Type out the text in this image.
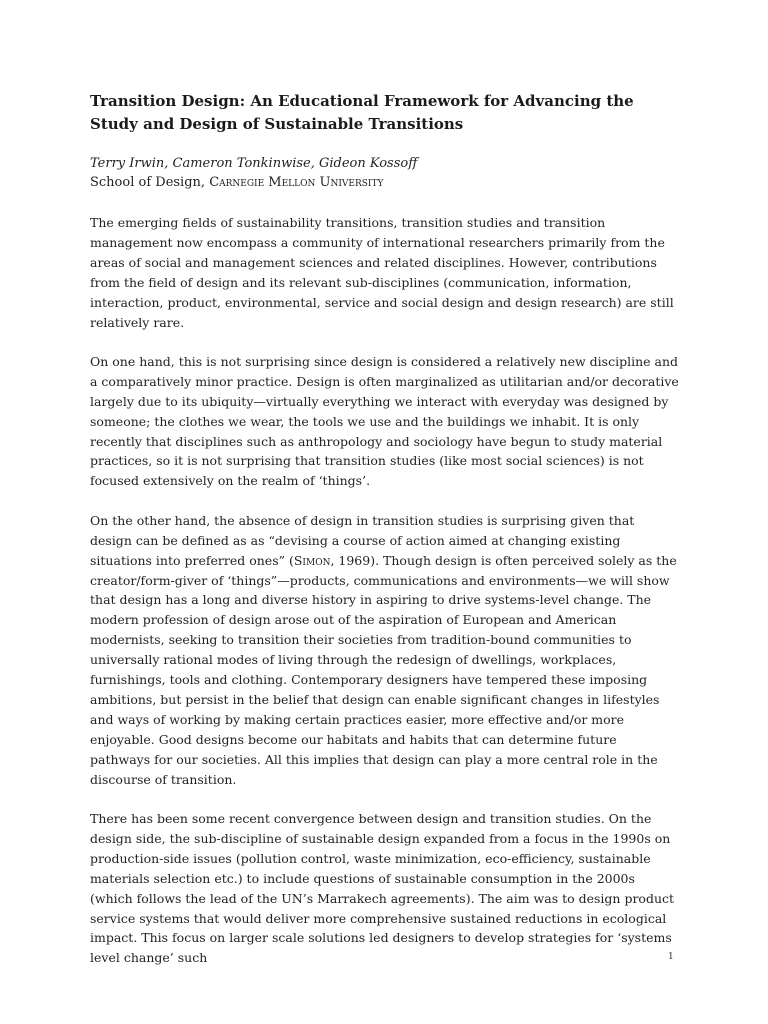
Transition Design: An Educational Framework for Advancing the Study and Design of Sustainable Transitions

Terry Irwin, Cameron Tonkinwise, Gideon Kossoff

School of Design, Carnegie Mellon University

The emerging fields of sustainability transitions, transition studies and transition management now encompass a community of international researchers primarily from the areas of social and management sciences and related disciplines. However, contributions from the field of design and its relevant sub-disciplines (communication, information, interaction, product, environmental, service and social design and design research) are still relatively rare.

On one hand, this is not surprising since design is considered a relatively new discipline and a comparatively minor practice. Design is often marginalized as utilitarian and/or decorative largely due to its ubiquity—virtually everything we interact with everyday was designed by someone; the clothes we wear, the tools we use and the buildings we inhabit. It is only recently that disciplines such as anthropology and sociology have begun to study material practices, so it is not surprising that transition studies (like most social sciences) is not focused extensively on the realm of ‘things’.

On the other hand, the absence of design in transition studies is surprising given that design can be defined as as “devising a course of action aimed at changing existing situations into preferred ones” (Simon, 1969). Though design is often perceived solely as the creator/form-giver of ‘things”—products, communications and environments—we will show that design has a long and diverse history in aspiring to drive systems-level change. The modern profession of design arose out of the aspiration of European and American modernists, seeking to transition their societies from tradition-bound communities to universally rational modes of living through the redesign of dwellings, workplaces, furnishings, tools and clothing. Contemporary designers have tempered these imposing ambitions, but persist in the belief that design can enable significant changes in lifestyles and ways of working by making certain practices easier, more effective and/or more enjoyable. Good designs become our habitats and habits that can determine future pathways for our societies. All this implies that design can play a more central role in the discourse of transition.

There has been some recent convergence between design and transition studies. On the design side, the sub-discipline of sustainable design expanded from a focus in the 1990s on production-side issues (pollution control, waste minimization, eco-efficiency, sustainable materials selection etc.) to include questions of sustainable consumption in the 2000s (which follows the lead of the UN’s Marrakech agreements). The aim was to design product service systems that would deliver more comprehensive sustained reductions in ecological impact. This focus on larger scale solutions led designers to develop strategies for ‘systems level change’ such	1
